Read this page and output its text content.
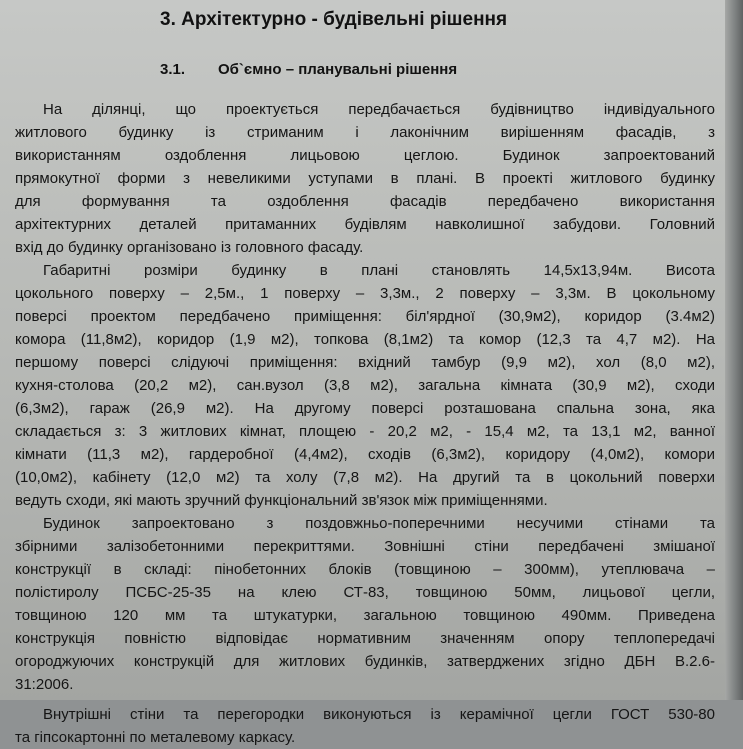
3. Архітектурно - будівельні рішення
3.1. Об`ємно – планувальні рішення
На ділянці, що проектується передбачається будівництво індивідуального
житлового будинку із стриманим і лаконічним вирішенням фасадів, з
використанням оздоблення лицьовою цеглою. Будинок запроектований
прямокутної форми з невеликими уступами в плані. В проекті житлового будинку
для формування та оздоблення фасадів передбачено використання
архітектурних деталей притаманних будівлям навколишної забудови. Головний
вхід до будинку організовано із головного фасаду.
Габаритні розміри будинку в плані становлять 14,5х13,94м. Висота
цокольного поверху – 2,5м., 1 поверху – 3,3м., 2 поверху – 3,3м. В цокольному
поверсі проектом передбачено приміщення: біл'ярдної (30,9м2), коридор (3.4м2)
комора (11,8м2), коридор (1,9 м2), топкова (8,1м2) та комор (12,3 та 4,7 м2). На
першому поверсі слідуючі приміщення: вхідний тамбур (9,9 м2), хол (8,0 м2),
кухня-столова (20,2 м2), сан.вузол (3,8 м2), загальна кімната (30,9 м2), сходи
(6,3м2), гараж (26,9 м2). На другому поверсі розташована спальна зона, яка
складається з: 3 житлових кімнат, площею - 20,2 м2, - 15,4 м2, та 13,1 м2, ванної
кімнати (11,3 м2), гардеробної (4,4м2), сходів (6,3м2), коридору (4,0м2), комори
(10,0м2), кабінету (12,0 м2) та холу (7,8 м2). На другий та в цокольний поверхи
ведуть сходи, які мають зручний функціональний зв'язок між приміщеннями.
Будинок запроектовано з поздовжньо-поперечними несучими стінами та
збірними залізобетонними перекриттями. Зовнішні стіни передбачені змішаної
конструкції в складі: пінобетонних блоків (товщиною – 300мм), утеплювача –
полістиролу ПСБС-25-35 на клею СТ-83, товщиною 50мм, лицьової цегли,
товщиною 120 мм та штукатурки, загальною товщиною 490мм. Приведена
конструкція повністю відповідає нормативним значенням опору теплопередачі
огороджуючих конструкцій для житлових будинків, затверджених згідно ДБН В.2.6-
31:2006.
Внутрішні стіни та перегородки виконуються із керамічної цегли ГОСТ 530-80
та гіпсокартонні по металевому каркасу.
